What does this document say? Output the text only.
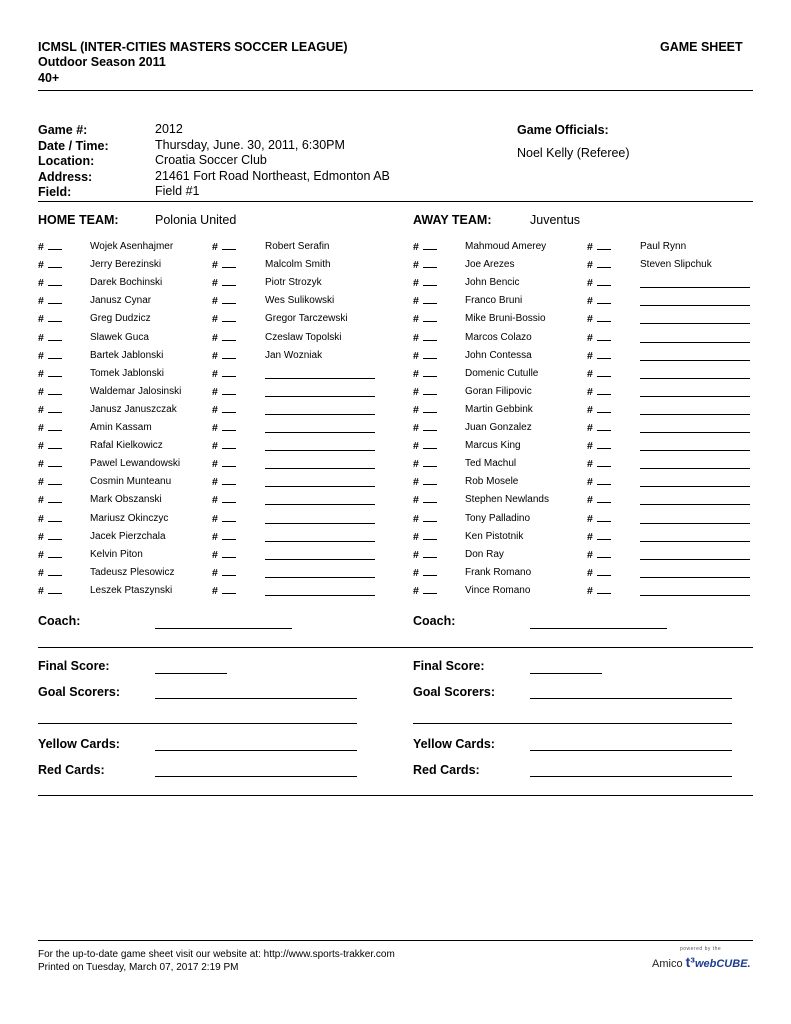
ICMSL (INTER-CITIES MASTERS SOCCER LEAGUE)
Outdoor Season 2011
40+
GAME SHEET
Game #:	2012
Date / Time:	Thursday, June. 30, 2011, 6:30PM
Location:	Croatia Soccer Club
Address:	21461 Fort Road Northeast, Edmonton AB
Field:	Field #1
Game Officials:
Noel Kelly (Referee)
HOME TEAM:	Polonia United	AWAY TEAM:	Juventus
#	Wojek Asenhajmer	#	Robert Serafin	#	Mahmoud Amerey	#	Paul Rynn
#	Jerry Berezinski	#	Malcolm Smith	#	Joe Arezes	#	Steven Slipchuk
#	Darek Bochinski	#	Piotr Strozyk	#	John Bencic	#
#	Janusz Cynar	#	Wes Sulikowski	#	Franco Bruni	#
#	Greg Dudzicz	#	Gregor Tarczewski	#	Mike Bruni-Bossio	#
#	Slawek Guca	#	Czeslaw Topolski	#	Marcos Colazo	#
#	Bartek Jablonski	#	Jan Wozniak	#	John Contessa	#
#	Tomek Jablonski	#	#	Domenic Cutulle	#
#	Waldemar Jalosinski	#	#	Goran Filipovic	#
#	Janusz Januszczak	#	#	Martin Gebbink	#
#	Amin Kassam	#	#	Juan Gonzalez	#
#	Rafal Kielkowicz	#	#	Marcus King	#
#	Pawel Lewandowski	#	#	Ted Machul	#
#	Cosmin Munteanu	#	#	Rob Mosele	#
#	Mark Obszanski	#	#	Stephen Newlands	#
#	Mariusz Okinczyc	#	#	Tony Palladino	#
#	Jacek Pierzchala	#	#	Ken Pistotnik	#
#	Kelvin Piton	#	#	Don Ray	#
#	Tadeusz Plesowicz	#	#	Frank Romano	#
#	Leszek Ptaszynski	#	#	Vince Romano	#
Coach:	Coach:
Final Score:
Goal Scorers:
Yellow Cards:
Red Cards:
Final Score:
Goal Scorers:
Yellow Cards:
Red Cards:
For the up-to-date game sheet visit our website at: http://www.sports-trakker.com
Printed on Tuesday, March 07, 2017 2:19 PM
powered by the
Amico t³webCUBE.
